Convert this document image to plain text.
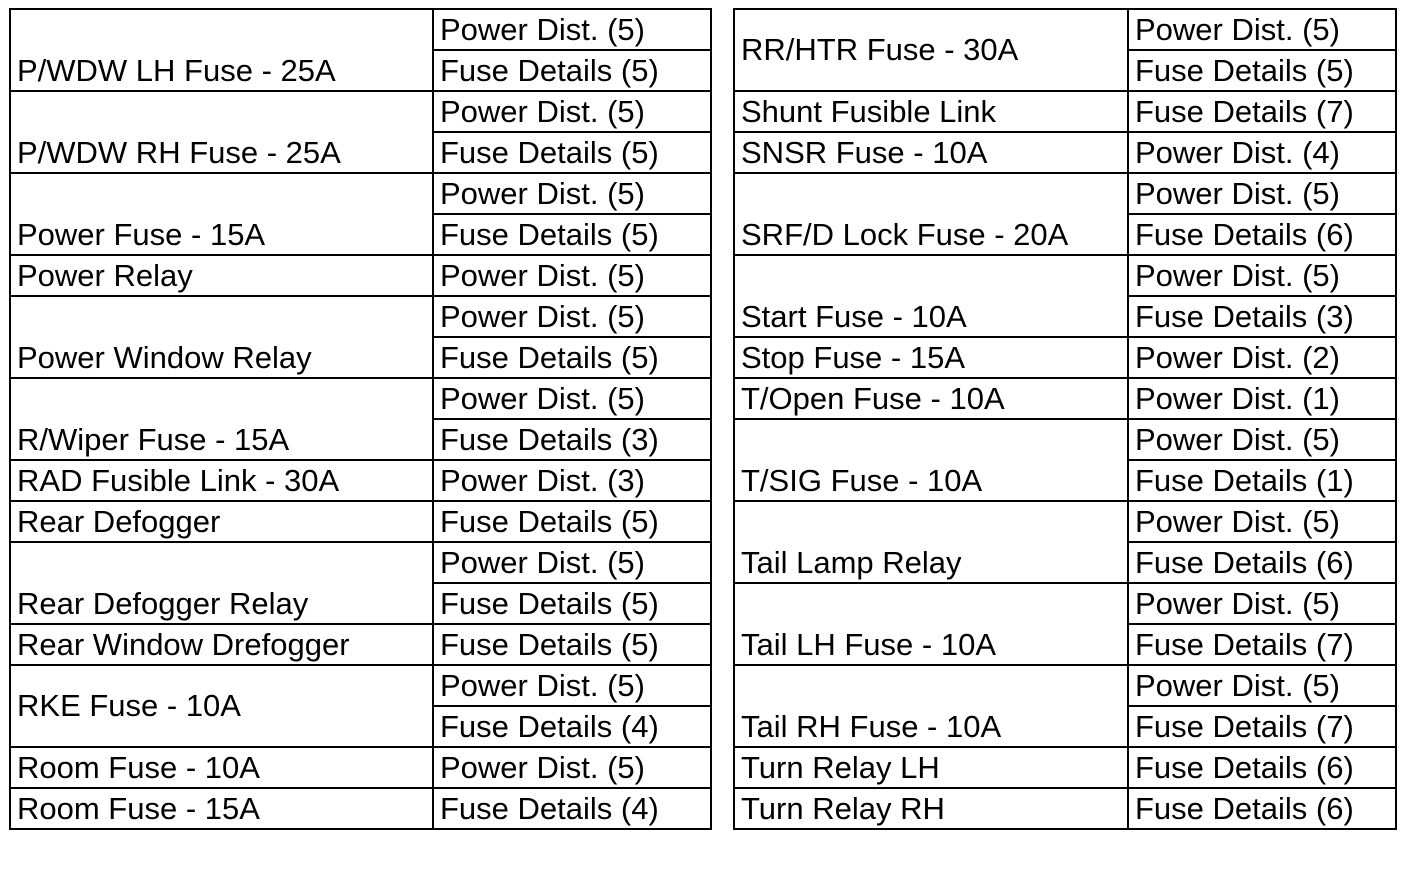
P/WDW LH Fuse - 25A	Power Dist. (5)
	Fuse Details (5)
P/WDW RH Fuse - 25A	Power Dist. (5)
	Fuse Details (5)
Power Fuse - 15A	Power Dist. (5)
	Fuse Details (5)
Power Relay	Power Dist. (5)
Power Window Relay	Power Dist. (5)
	Fuse Details (5)
R/Wiper Fuse - 15A	Power Dist. (5)
	Fuse Details (3)
RAD Fusible Link - 30A	Power Dist. (3)
Rear Defogger	Fuse Details (5)
Rear Defogger Relay	Power Dist. (5)
	Fuse Details (5)
Rear Window Drefogger	Fuse Details (5)
RKE Fuse - 10A	Power Dist. (5)
	Fuse Details (4)
Room Fuse - 10A	Power Dist. (5)
Room Fuse - 15A	Fuse Details (4)
RR/HTR Fuse - 30A	Power Dist. (5)
	Fuse Details (5)
Shunt Fusible Link	Fuse Details (7)
SNSR Fuse - 10A	Power Dist. (4)
SRF/D Lock Fuse - 20A	Power Dist. (5)
	Fuse Details (6)
Start Fuse - 10A	Power Dist. (5)
	Fuse Details (3)
Stop Fuse - 15A	Power Dist. (2)
T/Open Fuse - 10A	Power Dist. (1)
T/SIG Fuse - 10A	Power Dist. (5)
	Fuse Details (1)
Tail Lamp Relay	Power Dist. (5)
	Fuse Details (6)
Tail LH Fuse - 10A	Power Dist. (5)
	Fuse Details (7)
Tail RH Fuse - 10A	Power Dist. (5)
	Fuse Details (7)
Turn Relay LH	Fuse Details (6)
Turn Relay RH	Fuse Details (6)
